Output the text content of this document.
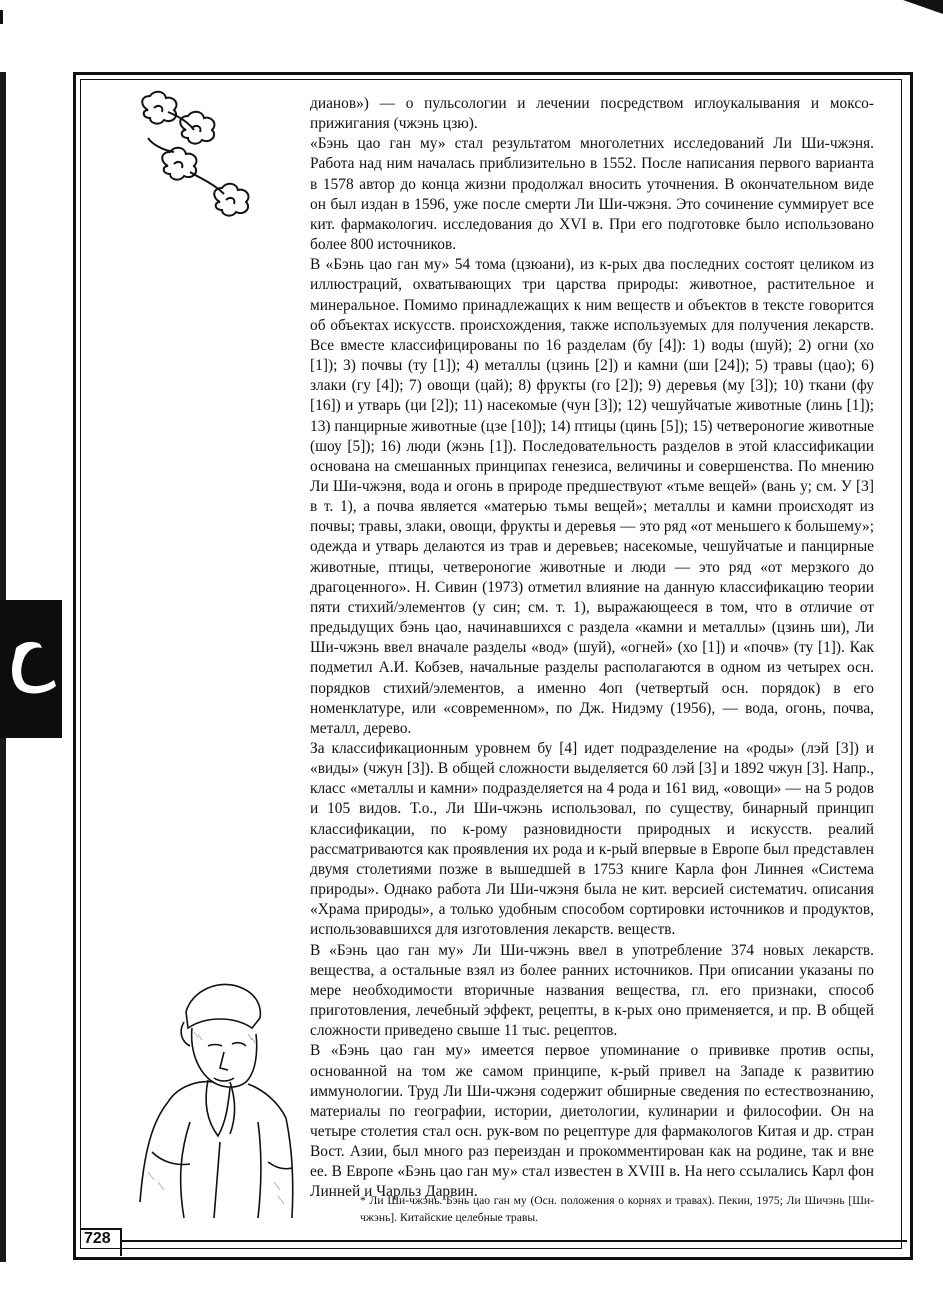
дианов») — о пульсологии и лечении посредством иглоукалывания и моксоприжигания (чжэнь цзю).

«Бэнь цао ган му» стал результатом многолетних исследований Ли Ши-чжэня. Работа над ним началась приблизительно в 1552. После написания первого варианта в 1578 автор до конца жизни продолжал вносить уточнения. В окончательном виде он был издан в 1596, уже после смерти Ли Ши-чжэня. Это сочинение суммирует все кит. фармакологич. исследования до XVI в. При его подготовке было использовано более 800 источников.

В «Бэнь цао ган му» 54 тома (цзюани), из к-рых два последних состоят целиком из иллюстраций, охватывающих три царства природы: животное, растительное и минеральное. Помимо принадлежащих к ним веществ и объектов в тексте говорится об объектах искусств. происхождения, также используемых для получения лекарств. Все вместе классифицированы по 16 разделам (бу [4]): 1) воды (шуй); 2) огни (хо [1]); 3) почвы (ту [1]); 4) металлы (цзинь [2]) и камни (ши [24]); 5) травы (цао); 6) злаки (гу [4]); 7) овощи (цай); 8) фрукты (го [2]); 9) деревья (му [3]); 10) ткани (фу [16]) и утварь (ци [2]); 11) насекомые (чун [3]); 12) чешуйчатые животные (линь [1]); 13) панцирные животные (цзе [10]); 14) птицы (цинь [5]); 15) четвероногие животные (шоу [5]); 16) люди (жэнь [1]). Последовательность разделов в этой классификации основана на смешанных принципах генезиса, величины и совершенства. По мнению Ли Ши-чжэня, вода и огонь в природе предшествуют «тьме вещей» (вань у; см. У [3] в т. 1), а почва является «матерью тьмы вещей»; металлы и камни происходят из почвы; травы, злаки, овощи, фрукты и деревья — это ряд «от меньшего к большему»; одежда и утварь делаются из трав и деревьев; насекомые, чешуйчатые и панцирные животные, птицы, четвероногие животные и люди — это ряд «от мерзкого до драгоценного». Н. Сивин (1973) отметил влияние на данную классификацию теории пяти стихий/элементов (у син; см. т. 1), выражающееся в том, что в отличие от предыдущих бэнь цао, начинавшихся с раздела «камни и металлы» (цзинь ши), Ли Ши-чжэнь ввел вначале разделы «вод» (шуй), «огней» (хо [1]) и «почв» (ту [1]). Как подметил А.И. Кобзев, начальные разделы располагаются в одном из четырех осн. порядков стихий/элементов, а именно 4оп (четвертый осн. порядок) в его номенклатуре, или «современном», по Дж. Нидэму (1956), — вода, огонь, почва, металл, дерево.

За классификационным уровнем бу [4] идет подразделение на «роды» (лэй [3]) и «виды» (чжун [3]). В общей сложности выделяется 60 лэй [3] и 1892 чжун [3]. Напр., класс «металлы и камни» подразделяется на 4 рода и 161 вид, «овощи» — на 5 родов и 105 видов. Т.о., Ли Ши-чжэнь использовал, по существу, бинарный принцип классификации, по к-рому разновидности природных и искусств. реалий рассматриваются как проявления их рода и к-рый впервые в Европе был представлен двумя столетиями позже в вышедшей в 1753 книге Карла фон Линнея «Система природы». Однако работа Ли Ши-чжэня была не кит. версией систематич. описания «Храма природы», а только удобным способом сортировки источников и продуктов, использовавшихся для изготовления лекарств. веществ.

В «Бэнь цао ган му» Ли Ши-чжэнь ввел в употребление 374 новых лекарств. вещества, а остальные взял из более ранних источников. При описании указаны по мере необходимости вторичные названия вещества, гл. его признаки, способ приготовления, лечебный эффект, рецепты, в к-рых оно применяется, и пр. В общей сложности приведено свыше 11 тыс. рецептов.

В «Бэнь цао ган му» имеется первое упоминание о прививке против оспы, основанной на том же самом принципе, к-рый привел на Западе к развитию иммунологии. Труд Ли Ши-чжэня содержит обширные сведения по естествознанию, материалы по географии, истории, диетологии, кулинарии и философии. Он на четыре столетия стал осн. рук-вом по рецептуре для фармакологов Китая и др. стран Вост. Азии, был много раз переиздан и прокомментирован как на родине, так и вне ее. В Европе «Бэнь цао ган му» стал известен в XVIII в. На него ссылались Карл фон Линней и Чарльз Дарвин.

* Ли Ши-чжэнь. Бэнь цао ган му (Осн. положения о корнях и травах). Пекин, 1975; Ли Шичэнь [Ши-чжэнь]. Китайские целебные травы.
728
